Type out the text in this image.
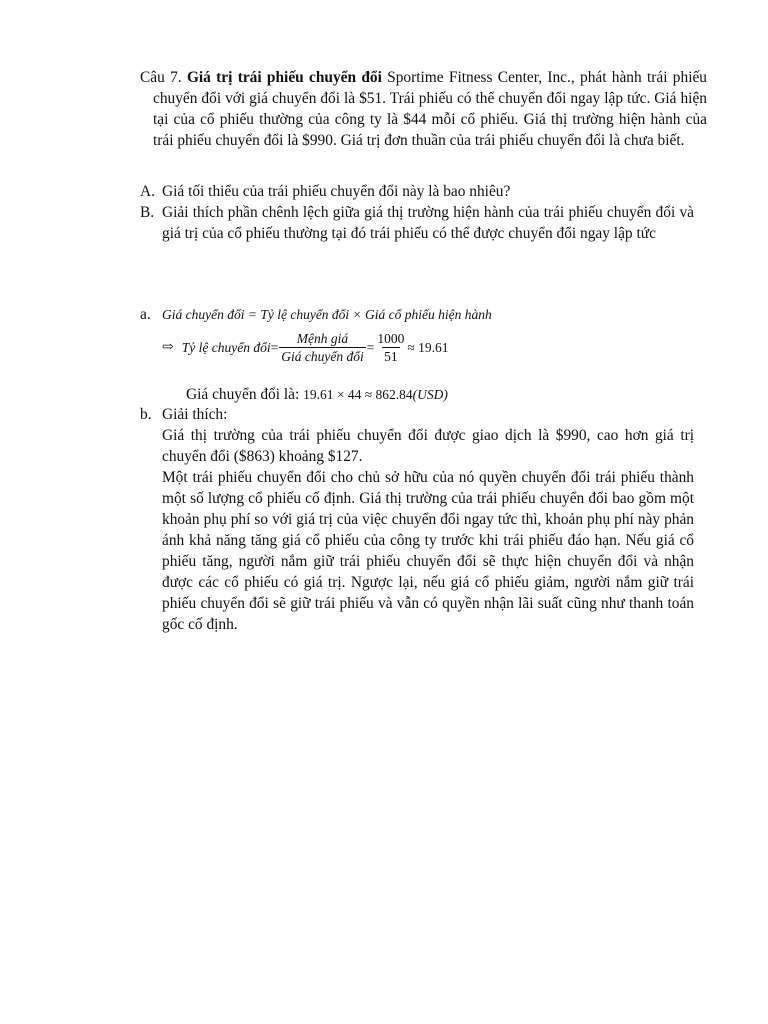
Câu 7. Giá trị trái phiếu chuyển đổi Sportime Fitness Center, Inc., phát hành trái phiếu chuyển đổi với giá chuyển đổi là $51. Trái phiếu có thể chuyển đổi ngay lập tức. Giá hiện tại của cổ phiếu thường của công ty là $44 mỗi cổ phiếu. Giá thị trường hiện hành của trái phiếu chuyển đổi là $990. Giá trị đơn thuần của trái phiếu chuyển đổi là chưa biết.
A. Giá tối thiểu của trái phiếu chuyển đổi này là bao nhiêu?
B. Giải thích phần chênh lệch giữa giá thị trường hiện hành của trái phiếu chuyển đổi và giá trị của cổ phiếu thường tại đó trái phiếu có thể được chuyển đổi ngay lập tức
a. Giá chuyển đổi = Tỷ lệ chuyển đổi × Giá cổ phiếu hiện hành
⇨ Tỷ lệ chuyển đổi = $\frac{\text{Mệnh giá}}{\text{Giá chuyển đổi}} = \frac{1000}{51} \approx 19.61$
Giá chuyển đổi là: 19.61 × 44 ≈ 862.84(USD)
b. Giải thích:
Giá thị trường của trái phiếu chuyển đổi được giao dịch là $990, cao hơn giá trị chuyển đổi ($863) khoảng $127.
Một trái phiếu chuyển đổi cho chủ sở hữu của nó quyền chuyển đổi trái phiếu thành một số lượng cổ phiếu cố định. Giá thị trường của trái phiếu chuyển đổi bao gồm một khoản phụ phí so với giá trị của việc chuyển đổi ngay tức thì, khoản phụ phí này phản ánh khả năng tăng giá cổ phiếu của công ty trước khi trái phiếu đáo hạn. Nếu giá cổ phiếu tăng, người nắm giữ trái phiếu chuyển đổi sẽ thực hiện chuyển đổi và nhận được các cổ phiếu có giá trị. Ngược lại, nếu giá cổ phiếu giảm, người nắm giữ trái phiếu chuyển đổi sẽ giữ trái phiếu và vẫn có quyền nhận lãi suất cũng như thanh toán gốc cố định.
